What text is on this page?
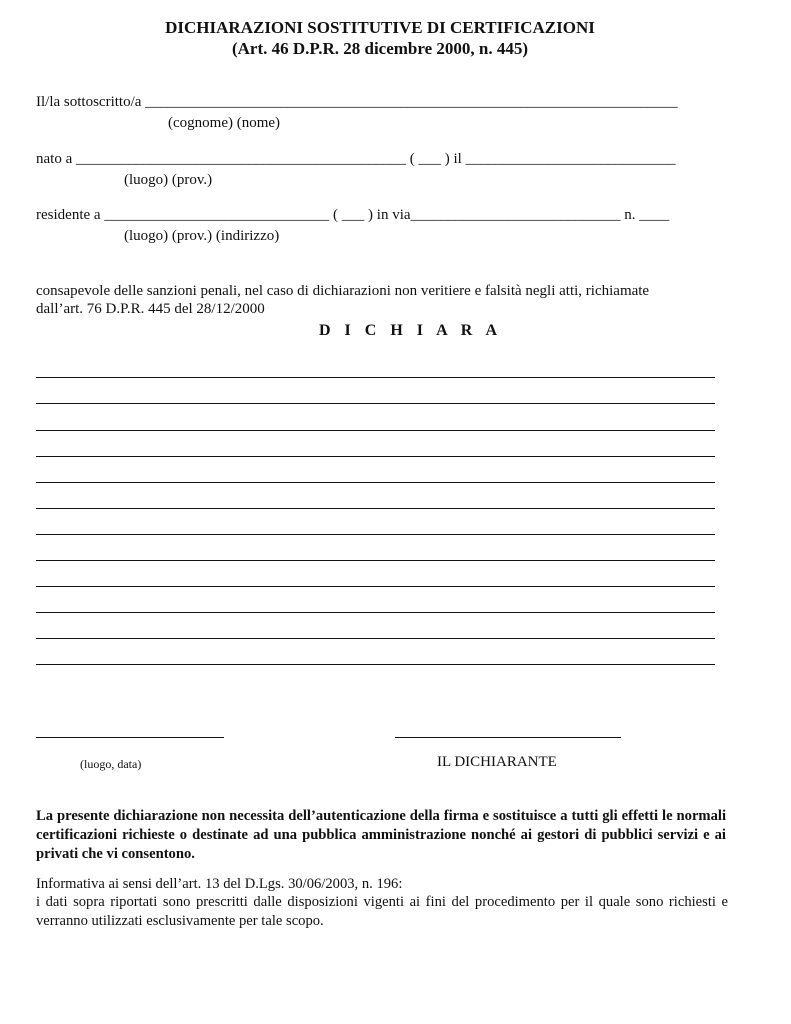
DICHIARAZIONI SOSTITUTIVE DI CERTIFICAZIONI
(Art. 46 D.P.R. 28 dicembre 2000, n. 445)
Il/la sottoscritto/a _______________________________________________________________________
(cognome) (nome)
nato a ____________________________________________ ( ___ ) il ____________________________
(luogo) (prov.)
residente a ______________________________ ( ___ ) in via____________________________ n. ____
(luogo) (prov.) (indirizzo)
consapevole delle sanzioni penali, nel caso di dichiarazioni non veritiere e falsità negli atti, richiamate
dall’art. 76 D.P.R. 445 del 28/12/2000
D I C H I A R A
(luogo, data)	IL DICHIARANTE
La presente dichiarazione non necessita dell’autenticazione della firma e sostituisce a tutti gli effetti le normali certificazioni richieste o destinate ad una pubblica amministrazione nonché ai gestori di pubblici servizi e ai privati che vi consentono.
Informativa ai sensi dell’art. 13 del D.Lgs. 30/06/2003, n. 196:
i dati sopra riportati sono prescritti dalle disposizioni vigenti ai fini del procedimento per il quale sono richiesti e verranno utilizzati esclusivamente per tale scopo.
